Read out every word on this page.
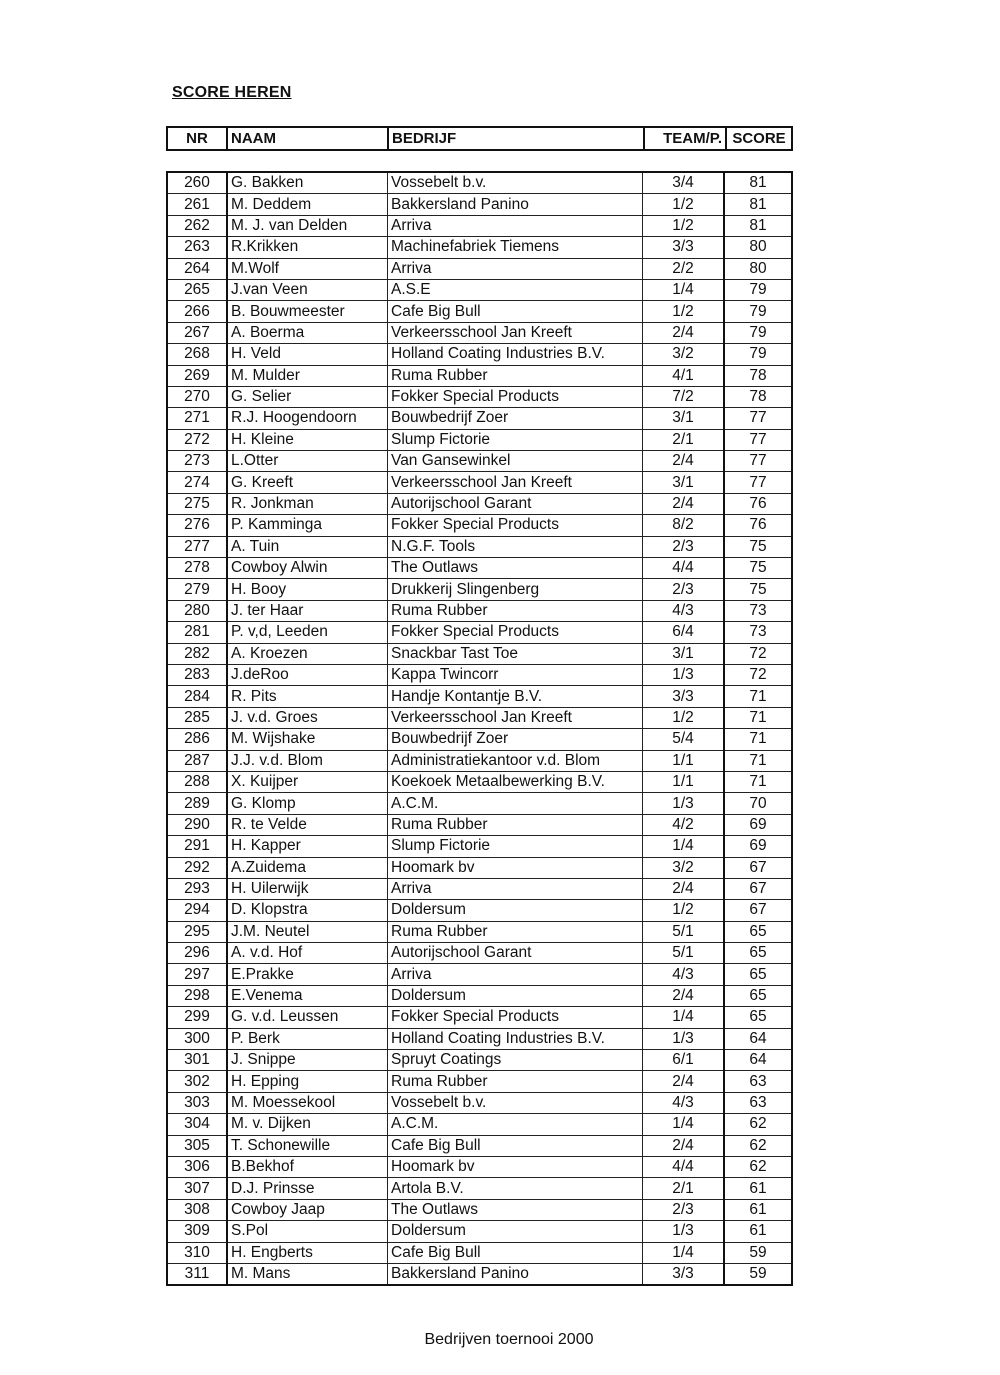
SCORE HEREN
NR	NAAM	BEDRIJF	TEAM/P.	SCORE
260	G. Bakken	Vossebelt b.v.	3/4	81
261	M. Deddem	Bakkersland Panino	1/2	81
262	M. J. van Delden	Arriva	1/2	81
263	R.Krikken	Machinefabriek Tiemens	3/3	80
264	M.Wolf	Arriva	2/2	80
265	J.van Veen	A.S.E	1/4	79
266	B. Bouwmeester	Cafe Big Bull	1/2	79
267	A. Boerma	Verkeersschool Jan Kreeft	2/4	79
268	H. Veld	Holland Coating Industries B.V.	3/2	79
269	M. Mulder	Ruma Rubber	4/1	78
270	G. Selier	Fokker Special Products	7/2	78
271	R.J. Hoogendoorn	Bouwbedrijf Zoer	3/1	77
272	H. Kleine	Slump Fictorie	2/1	77
273	L.Otter	Van Gansewinkel	2/4	77
274	G. Kreeft	Verkeersschool Jan Kreeft	3/1	77
275	R. Jonkman	Autorijschool Garant	2/4	76
276	P. Kamminga	Fokker Special Products	8/2	76
277	A. Tuin	N.G.F. Tools	2/3	75
278	Cowboy Alwin	The Outlaws	4/4	75
279	H. Booy	Drukkerij Slingenberg	2/3	75
280	J. ter Haar	Ruma Rubber	4/3	73
281	P. v,d, Leeden	Fokker Special Products	6/4	73
282	A. Kroezen	Snackbar Tast Toe	3/1	72
283	J.deRoo	Kappa Twincorr	1/3	72
284	R. Pits	Handje Kontantje B.V.	3/3	71
285	J. v.d. Groes	Verkeersschool Jan Kreeft	1/2	71
286	M. Wijshake	Bouwbedrijf Zoer	5/4	71
287	J.J. v.d. Blom	Administratiekantoor v.d. Blom	1/1	71
288	X. Kuijper	Koekoek Metaalbewerking B.V.	1/1	71
289	G. Klomp	A.C.M.	1/3	70
290	R. te Velde	Ruma Rubber	4/2	69
291	H. Kapper	Slump Fictorie	1/4	69
292	A.Zuidema	Hoomark bv	3/2	67
293	H. Uilerwijk	Arriva	2/4	67
294	D. Klopstra	Doldersum	1/2	67
295	J.M. Neutel	Ruma Rubber	5/1	65
296	A. v.d. Hof	Autorijschool Garant	5/1	65
297	E.Prakke	Arriva	4/3	65
298	E.Venema	Doldersum	2/4	65
299	G. v.d. Leussen	Fokker Special Products	1/4	65
300	P. Berk	Holland Coating Industries B.V.	1/3	64
301	J. Snippe	Spruyt Coatings	6/1	64
302	H. Epping	Ruma Rubber	2/4	63
303	M. Moessekool	Vossebelt b.v.	4/3	63
304	M. v. Dijken	A.C.M.	1/4	62
305	T. Schonewille	Cafe Big Bull	2/4	62
306	B.Bekhof	Hoomark bv	4/4	62
307	D.J. Prinsse	Artola B.V.	2/1	61
308	Cowboy Jaap	The Outlaws	2/3	61
309	S.Pol	Doldersum	1/3	61
310	H. Engberts	Cafe Big Bull	1/4	59
311	M. Mans	Bakkersland Panino	3/3	59
Bedrijven toernooi 2000
